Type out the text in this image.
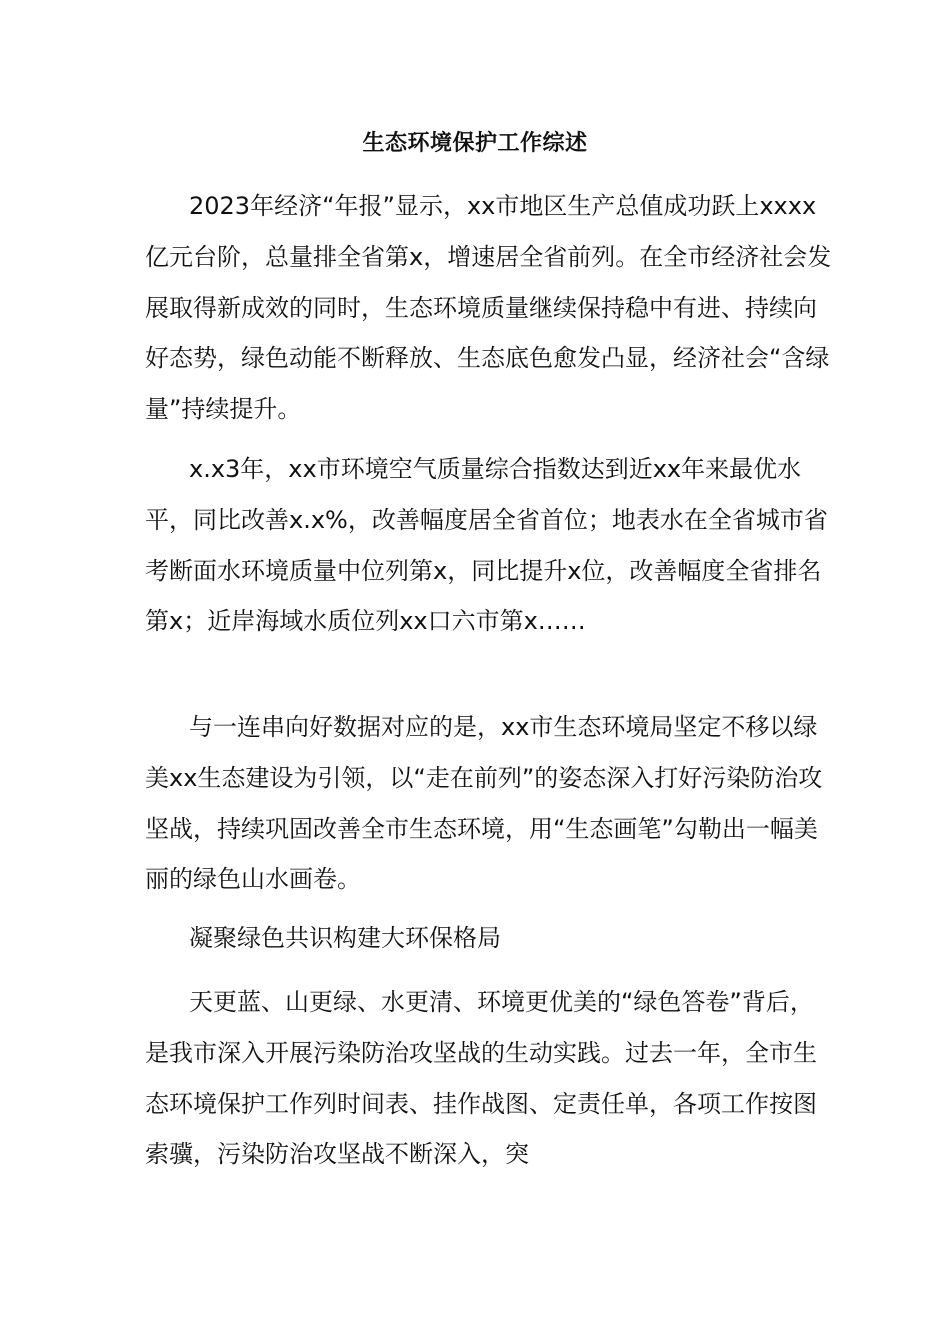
生态环境保护工作综述

2023年经济“年报”显示，xx市地区生产总值成功跃上xxxx亿元台阶，总量排全省第x，增速居全省前列。在全市经济社会发展取得新成效的同时，生态环境质量继续保持稳中有进、持续向好态势，绿色动能不断释放、生态底色愈发凸显，经济社会“含绿量”持续提升。

x.x3年，xx市环境空气质量综合指数达到近xx年来最优水平，同比改善x.x%，改善幅度居全省首位；地表水在全省城市省考断面水环境质量中位列第x，同比提升x位，改善幅度全省排名第x；近岸海域水质位列xx口六市第x……

与一连串向好数据对应的是，xx市生态环境局坚定不移以绿美xx生态建设为引领，以“走在前列”的姿态深入打好污染防治攻坚战，持续巩固改善全市生态环境，用“生态画笔”勾勒出一幅美丽的绿色山水画卷。

凝聚绿色共识构建大环保格局

天更蓝、山更绿、水更清、环境更优美的“绿色答卷”背后，是我市深入开展污染防治攻坚战的生动实践。过去一年，全市生态环境保护工作列时间表、挂作战图、定责任单，各项工作按图索骥，污染防治攻坚战不断深入，突
